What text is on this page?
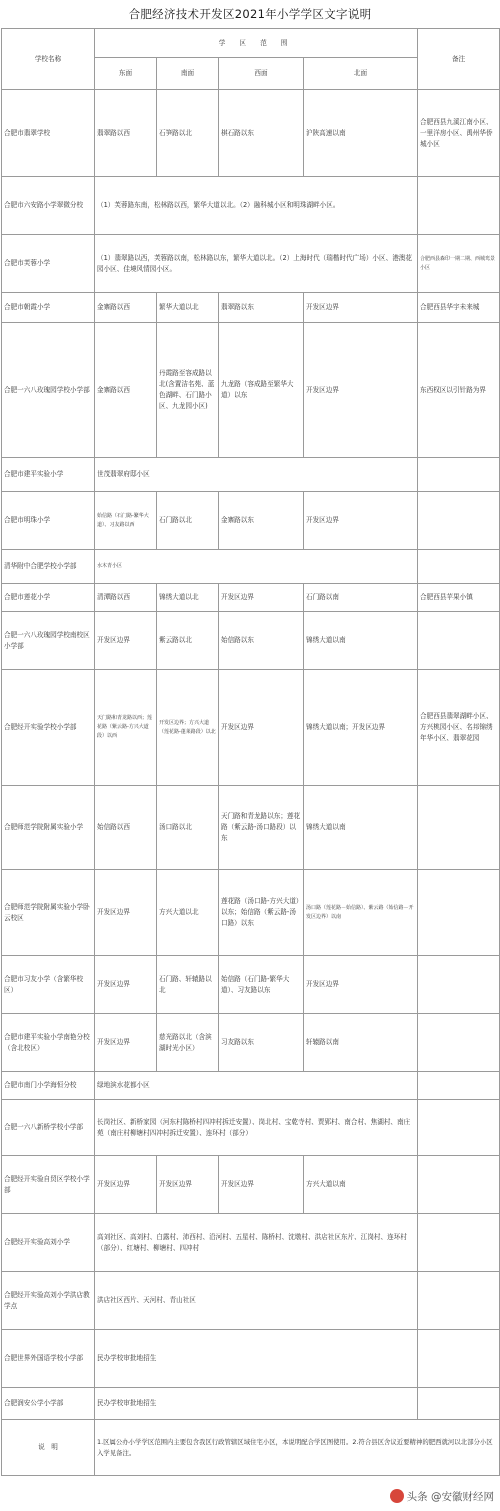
合肥经济技术开发区2021年小学学区文字说明
学校名称	学 区 范 围				备注
	东面	南面	西面	北面	
合肥市翡翠学校	翡翠路以西	石笋路以北	棋石路以东	沪陕高速以南	合肥西县九溪江南小区、一里洋房小区、禹州华侨城小区
合肥市六安路小学翠微分校	（1）芙蓉路东南，松林路以西，繁华大道以北。（2）融科城小区和明珠湖畔小区。				
合肥市芙蓉小学	（1）翡翠路以西，芙蓉路以南，松林路以东，繁华大道以北。（2）上海时代（瑞楷时代广场）小区、港澳花园小区、佳境风情园小区。				合肥西县森印一期二期、西城鸾景小区
合肥市朝霞小学	金寨路以西	繁华大道以北	翡翠路以东	开发区边界	合肥西县华宇未来城
合肥一六八玫瑰园学校小学部	金寨路以西	丹霞路至容成路以北(含置洁名苑、蓝色湖畔、石门路小区、九龙园小区)	九龙路（容成路至繁华大道）以东	开发区边界	东西权区以引针路为界
合肥市建平实验小学	世茂翡翠府邸小区				
合肥市明珠小学	始信路（石门路-繁华大道）、习友路以西	石门路以北	金寨路以东	开发区边界	
清华附中合肥学校小学部	水木青小区				
合肥市莲花小学	清潭路以西	锦绣大道以北	开发区边界	石门路以南	合肥西县苹果小镇
合肥一六八玫瑰园学校南校区小学部	开发区边界	紫云路以北	始信路以东	锦绣大道以南	
合肥经开实验学校小学部	天门路和青龙路以西；莲花路（紫云路-方兴大道段）以西	开发区边界；方兴大道（莲花路-蓬莱路段）以北	开发区边界	锦绣大道以南；开发区边界	合肥西县翡翠湖畔小区、方兴桃园小区、名邦锦绣年华小区、翡翠花园
合肥师范学院附属实验小学	始信路以西	汤口路以北	天门路和青龙路以东；莲花路（紫云路-汤口路段）以东	锦绣大道以南	
合肥师范学院附属实验小学卧云校区	开发区边界	方兴大道以北	莲花路（汤口路-方兴大道）以东；始信路（紫云路-汤口路）以东	汤口路（莲花路－始信路）、紫云路（始信路－开发区边界）以南	
合肥市习友小学（含繁华校区）	开发区边界	石门路、轩辕路以北	始信路（石门路-繁华大道）、习友路以东	开发区边界	
合肥市建平实验小学南艳分校（含北校区）	开发区边界	慈光路以北（含滨湖时光小区）	习友路以东	轩辕路以南	
合肥市南门小学海恒分校	绿地滨水花都小区				
合肥一六八新桥学校小学部	长岗社区、新桥家园（河东村陈桥村四冲村拆迁安置）、岗北村、宝乾寺村、贾郢村、南合村、焦湖村、南庄苑（南庄村柳塘村四冲村拆迁安置）、连环村（部分）				
合肥经开实验自贸区学校小学部	开发区边界	开发区边界	开发区边界	方兴大道以南	
合肥经开实验高刘小学	高刘社区、高刘村、白露村、沛西村、沿河村、五星村、陈桥村、沈墩村、洪店社区东片、江岗村、连环村（部分）、红塘村、柳塘村、四冲村				
合肥经开实验高刘小学洪店教学点	洪店社区西片、天河村、青山社区				
合肥世界外国语学校小学部	民办学校审批地招生				
合肥润安公学小学部	民办学校审批地招生				
说　明	1.区属公办小学学区范围内主要包含我区行政管辖区域住宅小区，本说明配合学区图使用。2.符合县区舍议近要精神的肥西就河以北部分小区入学见备注。				
头条 @安徽财经网
